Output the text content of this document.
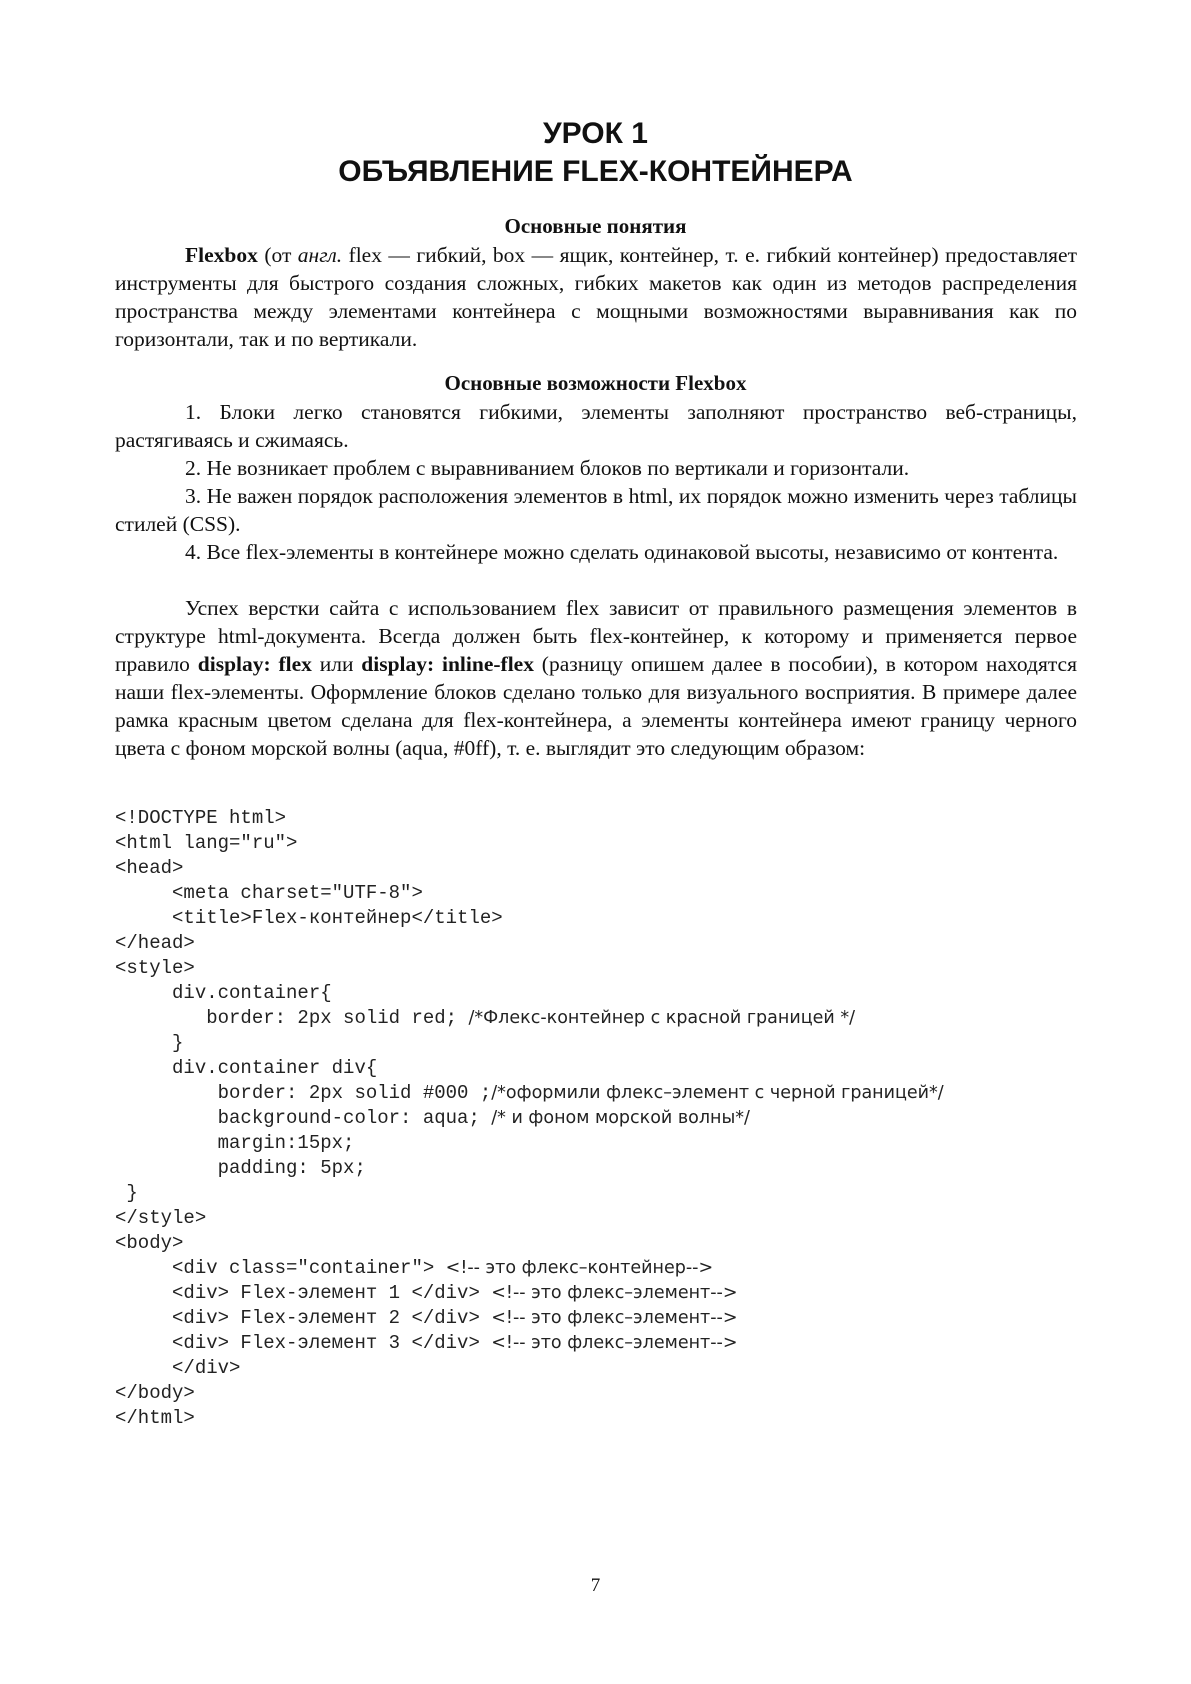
УРОК 1
ОБЪЯВЛЕНИЕ FLEX-КОНТЕЙНЕРА
Основные понятия

Flexbox (от англ. flex — гибкий, box — ящик, контейнер, т. е. гибкий контейнер) предоставляет инструменты для быстрого создания сложных, гибких макетов как один из методов распределения пространства между элементами контейнера с мощными возможностями выравнивания как по горизонтали, так и по вертикали.

Основные возможности Flexbox

1. Блоки легко становятся гибкими, элементы заполняют пространство веб-страницы, растягиваясь и сжимаясь.

2. Не возникает проблем с выравниванием блоков по вертикали и горизонтали.

3. Не важен порядок расположения элементов в html, их порядок можно изменить через таблицы стилей (CSS).

4. Все flex-элементы в контейнере можно сделать одинаковой высоты, независимо от контента.

Успех верстки сайта с использованием flex зависит от правильного размещения элементов в структуре html-документа. Всегда должен быть flex-контейнер, к которому и применяется первое правило display: flex или display: inline-flex (разницу опишем далее в пособии), в котором находятся наши flex-элементы. Оформление блоков сделано только для визуального восприятия. В примере далее рамка красным цветом сделана для flex-контейнера, а элементы контейнера имеют границу черного цвета с фоном морской волны (aqua, #0ff), т. е. выглядит это следующим образом:

<!DOCTYPE html>
<html lang="ru">
<head>
<meta charset="UTF-8">
<title>Flex-контейнер</title>
</head>
<style>
div.container{
border: 2px solid red; /*Флекс-контейнер с красной границей */
}
div.container div{
border: 2px solid #000 ;/*оформили флекс–элемент с черной границей*/
background-color: aqua; /* и фоном морской волны*/
margin:15px;
padding: 5px;
}
</style>
<body>
<div class="container"> <!-- это флекс–контейнер-->
<div> Flex-элемент 1 </div> <!-- это флекс–элемент-->
<div> Flex-элемент 2 </div> <!-- это флекс–элемент-->
<div> Flex-элемент 3 </div> <!-- это флекс–элемент-->
</div>
</body>
</html>
7
